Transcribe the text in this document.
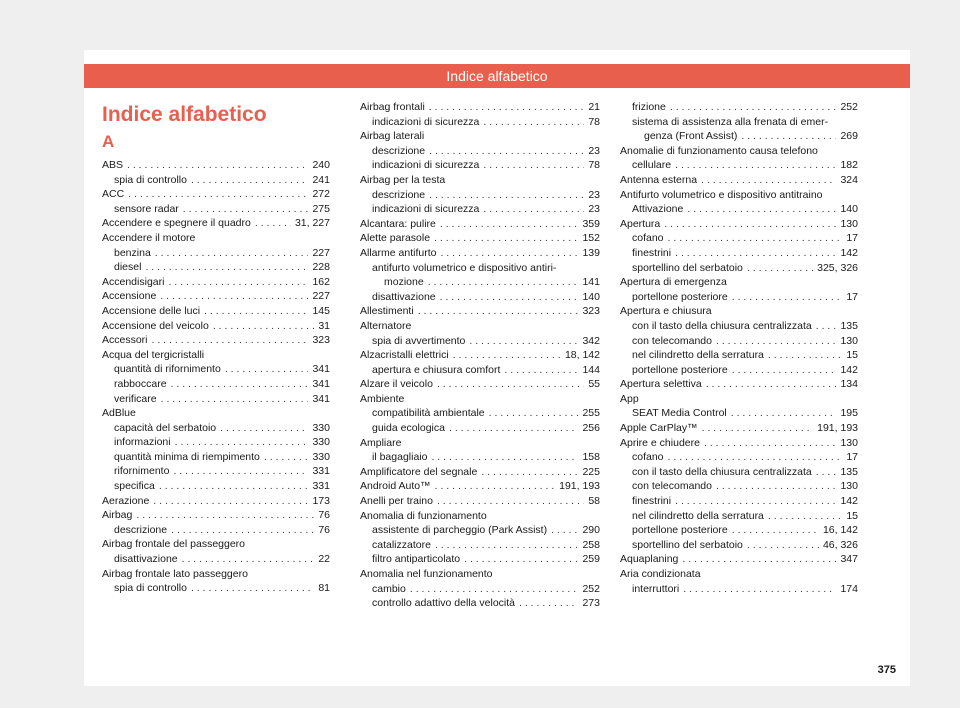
Indice alfabetico
Indice alfabetico
A
ABS . . .	240
spia di controllo . . .	241
ACC . . .	272
sensore radar . . .	275
Accendere e spegnere il quadro . . .	31, 227
Accendere il motore
benzina . . .	227
diesel . . .	228
Accendisigari . . .	162
Accensione . . .	227
Accensione delle luci . . .	145
Accensione del veicolo . . .	31
Accessori . . .	323
Acqua del tergicristalli
quantità di rifornimento . . .	341
rabboccare . . .	341
verificare . . .	341
AdBlue
capacità del serbatoio . . .	330
informazioni . . .	330
quantità minima di riempimento . . .	330
rifornimento . . .	331
specifica . . .	331
Aerazione . . .	173
Airbag . . .	76
descrizione . . .	76
Airbag frontale del passeggero
disattivazione . . .	22
Airbag frontale lato passeggero
spia di controllo . . .	81
Airbag frontali . . .	21
indicazioni di sicurezza . . .	78
Airbag laterali
descrizione . . .	23
indicazioni di sicurezza . . .	78
Airbag per la testa
descrizione . . .	23
indicazioni di sicurezza . . .	23
Alcantara: pulire . . .	359
Alette parasole . . .	152
Allarme antifurto . . .	139
antifurto volumetrico e dispositivo antiri-
mozione . . .	141
disattivazione . . .	140
Allestimenti . . .	323
Alternatore
spia di avvertimento . . .	342
Alzacristalli elettrici . . .	18, 142
apertura e chiusura comfort . . .	144
Alzare il veicolo . . .	55
Ambiente
compatibilità ambientale . . .	255
guida ecologica . . .	256
Ampliare
il bagagliaio . . .	158
Amplificatore del segnale . . .	225
Android Auto™ . . .	191, 193
Anelli per traino . . .	58
Anomalia di funzionamento
assistente di parcheggio (Park Assist) . . .	290
catalizzatore . . .	258
filtro antiparticolato . . .	259
Anomalia nel funzionamento
cambio . . .	252
controllo adattivo della velocità . . .	273
frizione . . .	252
sistema di assistenza alla frenata di emer-
genza (Front Assist) . . .	269
Anomalie di funzionamento causa telefono
cellulare . . .	182
Antenna esterna . . .	324
Antifurto volumetrico e dispositivo antitraino
Attivazione . . .	140
Apertura . . .	130
cofano . . .	17
finestrini . . .	142
sportellino del serbatoio . . .	325, 326
Apertura di emergenza
portellone posteriore . . .	17
Apertura e chiusura
con il tasto della chiusura centralizzata . . .	135
con telecomando . . .	130
nel cilindretto della serratura . . .	15
portellone posteriore . . .	142
Apertura selettiva . . .	134
App
SEAT Media Control . . .	195
Apple CarPlay™ . . .	191, 193
Aprire e chiudere . . .	130
cofano . . .	17
con il tasto della chiusura centralizzata . . .	135
con telecomando . . .	130
finestrini . . .	142
nel cilindretto della serratura . . .	15
portellone posteriore . . .	16, 142
sportellino del serbatoio . . .	46, 326
Aquaplaning . . .	347
Aria condizionata
interruttori . . .	174
375
